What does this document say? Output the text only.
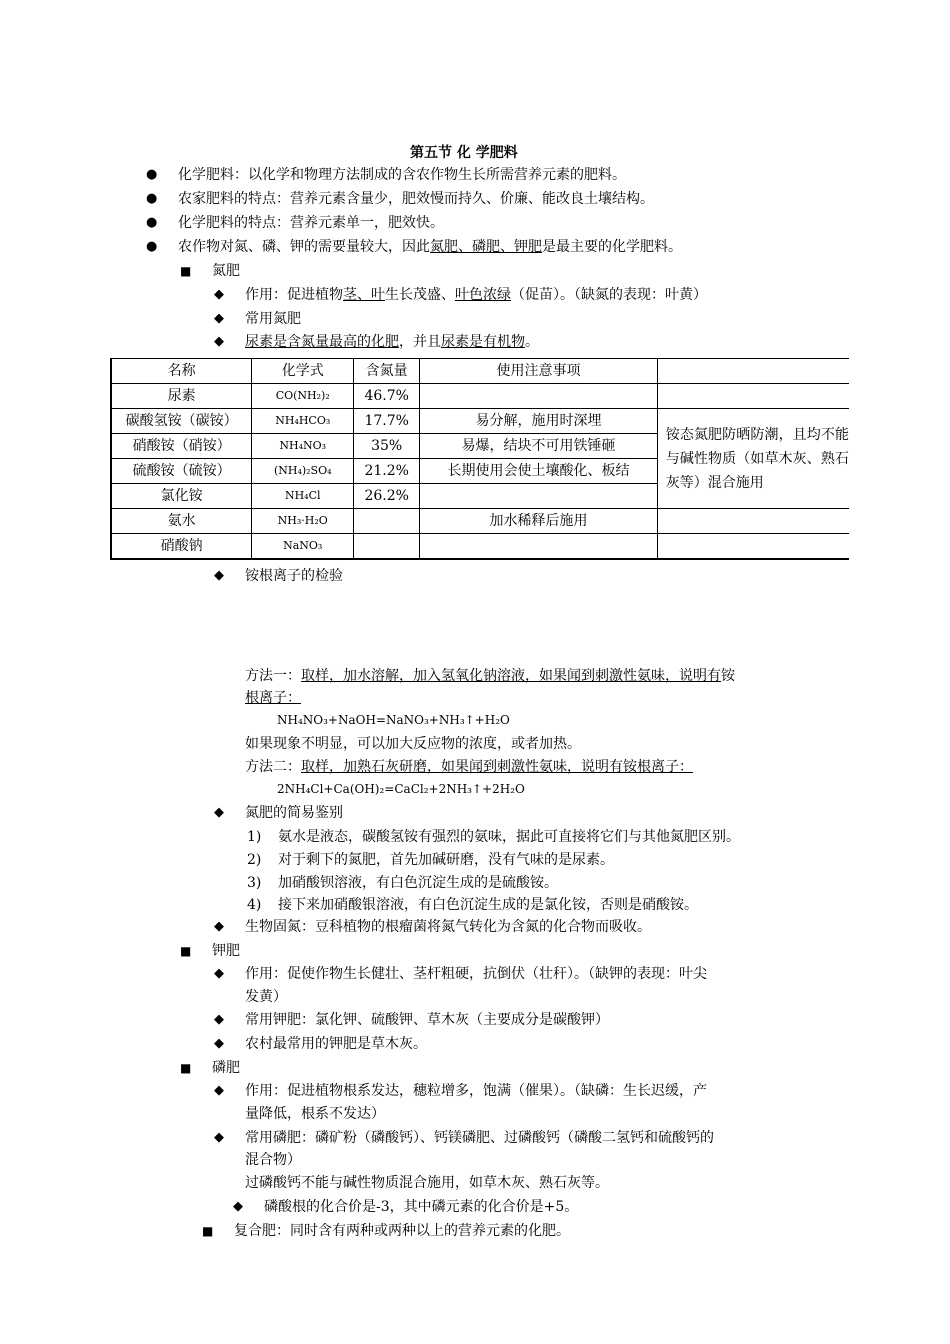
第五节 化 学肥料
● 化学肥料：以化学和物理方法制成的含农作物生长所需营养元素的肥料。
● 农家肥料的特点：营养元素含量少，肥效慢而持久、价廉、能改良土壤结构。
● 化学肥料的特点：营养元素单一，肥效快。
● 农作物对氮、磷、钾的需要量较大，因此氮肥、磷肥、钾肥是最主要的化学肥料。
■ 氮肥
◆ 作用：促进植物茎、叶生长茂盛、叶色浓绿（促苗）。（缺氮的表现：叶黄）
◆ 常用氮肥
◆ 尿素是含氮量最高的化肥，并且尿素是有机物。
名称	化学式	含氮量	使用注意事项	
尿素	CO(NH₂)₂	46.7%		
碳酸氢铵（碳铵）	NH₄HCO₃	17.7%	易分解，施用时深埋	铵态氮肥防晒防潮，且均不能与碱性物质（如草木灰、熟石灰等）混合施用

硝酸铵（硝铵）	NH₄NO₃	35%	易爆，结块不可用铁锤砸	
硫酸铵（硫铵）	(NH₄)₂SO₄	21.2%	长期使用会使土壤酸化、板结	
氯化铵	NH₄Cl	26.2%		
氨水	NH₃·H₂O		加水稀释后施用	
硝酸钠	NaNO₃			
◆ 铵根离子的检验
方法一：取样，加水溶解，加入氢氧化钠溶液，如果闻到刺激性氨味，说明有铵
根离子：
NH₄NO₃+NaOH=NaNO₃+NH₃↑+H₂O
如果现象不明显，可以加大反应物的浓度，或者加热。
方法二：取样，加熟石灰研磨，如果闻到刺激性氨味，说明有铵根离子：
2NH₄Cl+Ca(OH)₂=CaCl₂+2NH₃↑+2H₂O
◆ 氮肥的简易鉴别
1) 氨水是液态，碳酸氢铵有强烈的氨味，据此可直接将它们与其他氮肥区别。
2) 对于剩下的氮肥，首先加碱研磨，没有气味的是尿素。
3) 加硝酸钡溶液，有白色沉淀生成的是硫酸铵。
4) 接下来加硝酸银溶液，有白色沉淀生成的是氯化铵，否则是硝酸铵。
◆ 生物固氮：豆科植物的根瘤菌将氮气转化为含氮的化合物而吸收。
■ 钾肥
◆ 作用：促使作物生长健壮、茎杆粗硬，抗倒伏（壮秆）。（缺钾的表现：叶尖
发黄）
◆ 常用钾肥：氯化钾、硫酸钾、草木灰（主要成分是碳酸钾）
◆ 农村最常用的钾肥是草木灰。
■ 磷肥
◆ 作用：促进植物根系发达，穗粒增多，饱满（催果）。（缺磷：生长迟缓，产
量降低，根系不发达）
◆ 常用磷肥：磷矿粉（磷酸钙）、钙镁磷肥、过磷酸钙（磷酸二氢钙和硫酸钙的
混合物）
过磷酸钙不能与碱性物质混合施用，如草木灰、熟石灰等。
◆ 磷酸根的化合价是-3，其中磷元素的化合价是+5。
■ 复合肥：同时含有两种或两种以上的营养元素的化肥。
